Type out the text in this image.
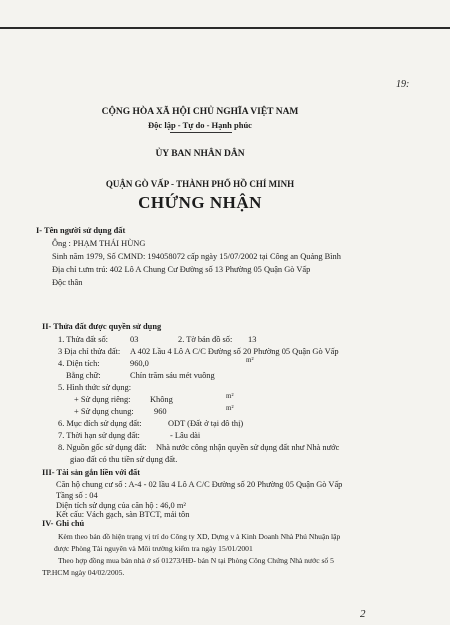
19:
CỘNG HÒA XÃ HỘI CHỦ NGHĨA VIỆT NAM
Độc lập - Tự do - Hạnh phúc
ỦY BAN NHÂN DÂN
QUẬN GÒ VẤP - THÀNH PHỐ HỒ CHÍ MINH
CHỨNG NHẬN
I- Tên người sử dụng đất
Ông : PHẠM THÁI HÙNG
Sinh năm 1979, Số CMND: 194058072 cấp ngày 15/07/2002 tại Công an Quảng Bình
Địa chỉ t.ưm trú: 402 Lô A Chung Cư Đường số 13 Phường 05 Quận Gò Vấp
Độc thân
II- Thửa đất được quyền sử dụng
1. Thửa đất số:	03	2. Tờ bản đồ số: 13
3 Địa chỉ thửa đất: A 402 Lầu 4 Lô A C/C Đường số 20 Phường 05 Quận Gò Vấp
4. Diện tích:	960,0	m²
Bằng chữ:	Chín trăm sáu mét vuông
5. Hình thức sử dụng:
+ Sử dụng riêng: Không	m²
+ Sử dụng chung: 960	m²
6. Mục đích sử dụng đất:	ODT (Đất ở tại đô thị)
7. Thời hạn sử dụng đất:	- Lâu dài
8. Nguồn gốc sử dụng đất: Nhà nước công nhận quyền sử dụng đất như Nhà nước
giao đất có thu tiền sử dụng đất.
III- Tài sản gắn liền với đất
Căn hộ chung cư số : A-4 - 02 lầu 4 Lô A C/C Đường số 20 Phường 05 Quận Gò Vấp
Tầng số : 04
Diện tích sử dụng của căn hộ : 46,0 m²
Kết cấu: Vách gạch, sàn BTCT, mái tôn
IV- Ghi chú
Kèm theo bản đồ hiện trạng vị trí do Công ty XD, Dựng v à Kinh Doanh Nhà Phú Nhuận lập
được Phòng Tài nguyên và Môi trường kiểm tra ngày 15/01/2001
Theo hợp đồng mua bán nhà ở số 01273/HĐ- bán N tại Phòng Công Chứng Nhà nước số 5
TP.HCM ngày 04/02/2005.
2
